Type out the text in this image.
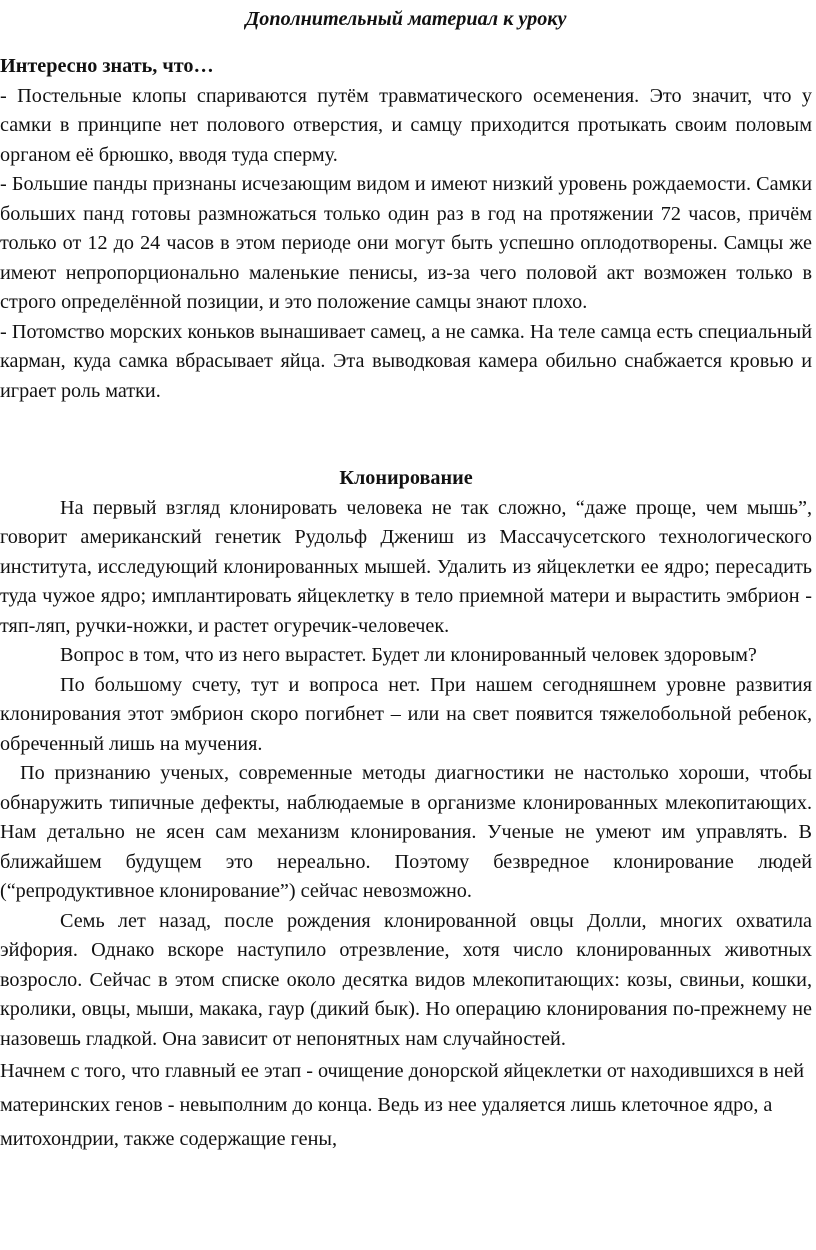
Дополнительный материал к уроку
Интересно знать, что…

- Постельные клопы спариваются путём травматического осеменения. Это значит, что у самки в принципе нет полового отверстия, и самцу приходится протыкать своим половым органом её брюшко, вводя туда сперму.

- Большие панды признаны исчезающим видом и имеют низкий уровень рождаемости. Самки больших панд готовы размножаться только один раз в год на протяжении 72 часов, причём только от 12 до 24 часов в этом периоде они могут быть успешно оплодотворены. Самцы же имеют непропорционально маленькие пенисы, из-за чего половой акт возможен только в строго определённой позиции, и это положение самцы знают плохо.

- Потомство морских коньков вынашивает самец, а не самка. На теле самца есть специальный карман, куда самка вбрасывает яйца. Эта выводковая камера обильно снабжается кровью и играет роль матки.

Клонирование

На первый взгляд клонировать человека не так сложно, “даже проще, чем мышь”, говорит американский генетик Рудольф Джениш из Массачусетского технологического института, исследующий клонированных мышей. Удалить из яйцеклетки ее ядро; пересадить туда чужое ядро; имплантировать яйцеклетку в тело приемной матери и вырастить эмбрион - тяп-ляп, ручки-ножки, и растет огуречик-человечек.

Вопрос в том, что из него вырастет. Будет ли клонированный человек здоровым?

По большому счету, тут и вопроса нет. При нашем сегодняшнем уровне развития клонирования этот эмбрион скоро погибнет – или на свет появится тяжелобольной ребенок, обреченный лишь на мучения.

По признанию ученых, современные методы диагностики не настолько хороши, чтобы обнаружить типичные дефекты, наблюдаемые в организме клонированных млекопитающих. Нам детально не ясен сам механизм клонирования. Ученые не умеют им управлять. В ближайшем будущем это нереально. Поэтому безвредное клонирование людей (“репродуктивное клонирование”) сейчас невозможно.

Семь лет назад, после рождения клонированной овцы Долли, многих охватила эйфория. Однако вскоре наступило отрезвление, хотя число клонированных животных возросло. Сейчас в этом списке около десятка видов млекопитающих: козы, свиньи, кошки, кролики, овцы, мыши, макака, гаур (дикий бык). Но операцию клонирования по-прежнему не назовешь гладкой. Она зависит от непонятных нам случайностей.

Начнем с того, что главный ее этап - очищение донорской яйцеклетки от находившихся в ней материнских генов - невыполним до конца. Ведь из нее удаляется лишь клеточное ядро, а митохондрии, также содержащие гены,
